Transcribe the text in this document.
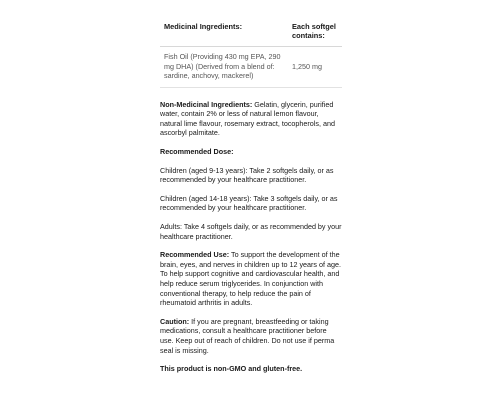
Medicinal Ingredients:	Each softgel contains:
Fish Oil (Providing 430 mg EPA, 290 mg DHA) (Derived from a blend of: sardine, anchovy, mackerel)	1,250 mg

Non-Medicinal Ingredients: Gelatin, glycerin, purified water, contain 2% or less of natural lemon flavour, natural lime flavour, rosemary extract, tocopherols, and ascorbyl palmitate.

Recommended Dose:

Children (aged 9-13 years): Take 2 softgels daily, or as recommended by your healthcare practitioner.

Children (aged 14-18 years): Take 3 softgels daily, or as recommended by your healthcare practitioner.

Adults: Take 4 softgels daily, or as recommended by your healthcare practitioner.

Recommended Use: To support the development of the brain, eyes, and nerves in children up to 12 years of age. To help support cognitive and cardiovascular health, and help reduce serum triglycerides. In conjunction with conventional therapy, to help reduce the pain of rheumatoid arthritis in adults.

Caution: If you are pregnant, breastfeeding or taking medications, consult a healthcare practitioner before use. Keep out of reach of children. Do not use if perma seal is missing.

This product is non-GMO and gluten-free.
